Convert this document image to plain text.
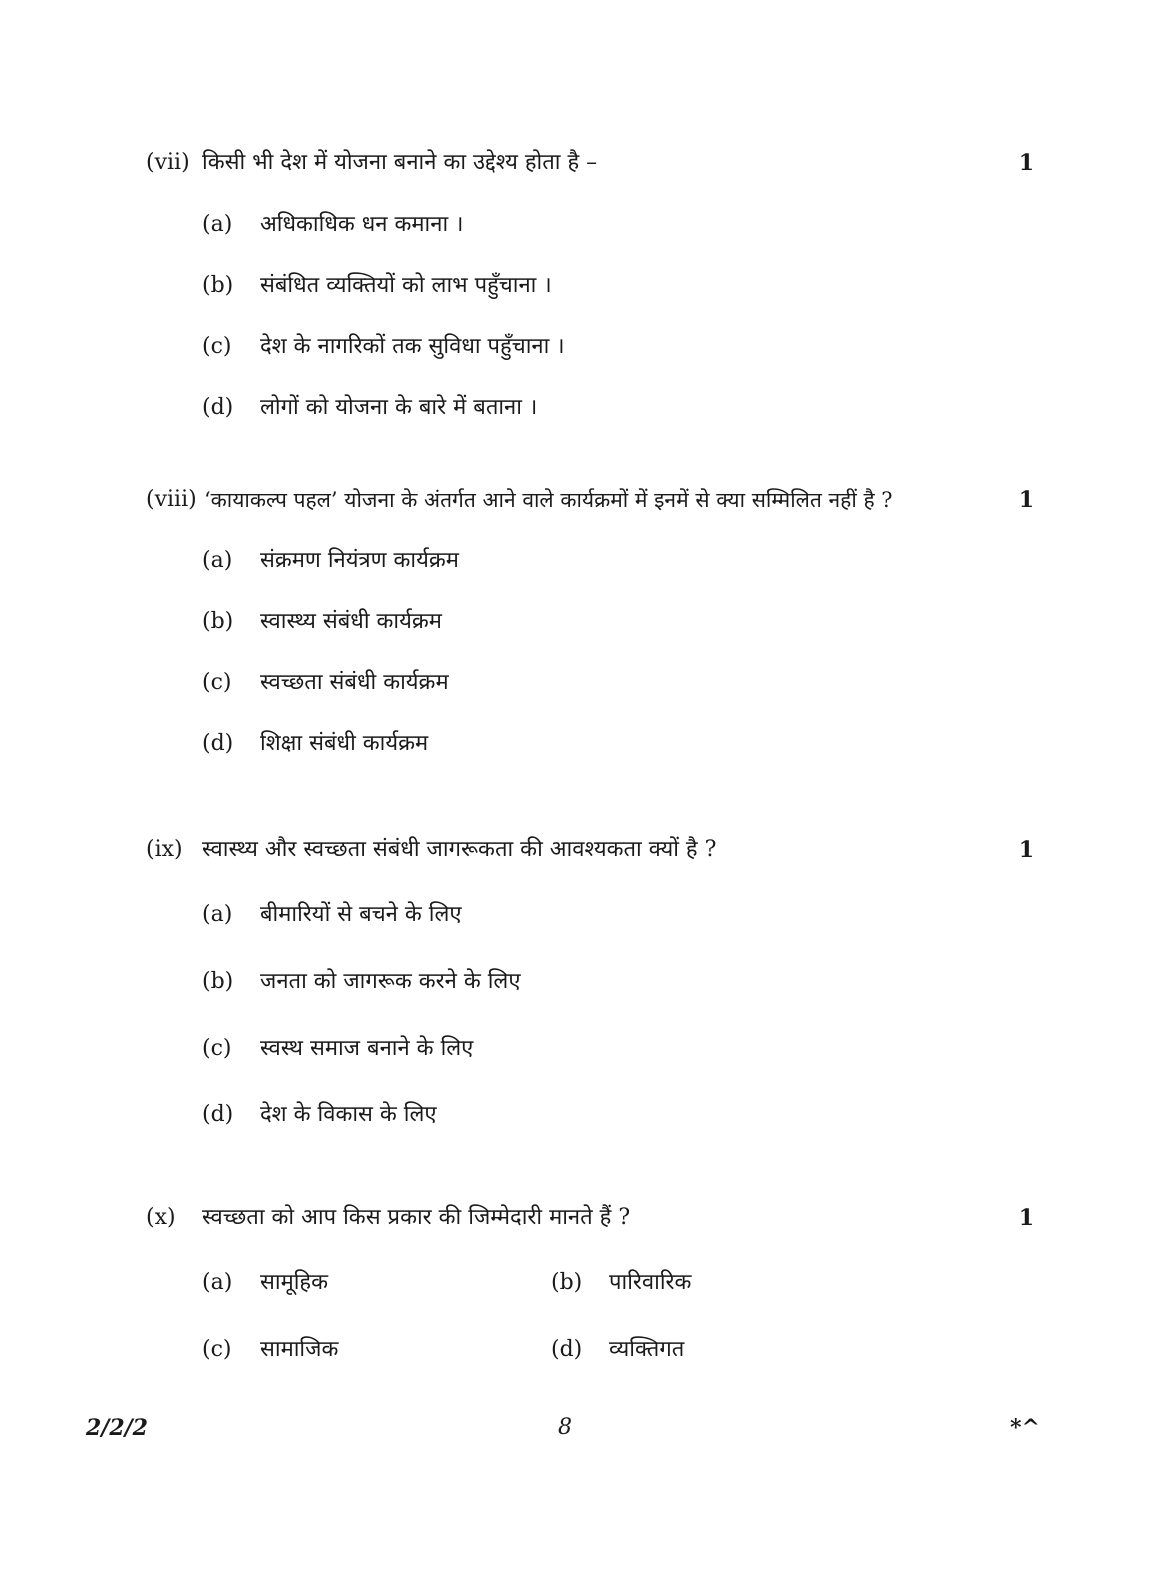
(vii) किसी भी देश में योजना बनाने का उद्देश्य होता है –	1
(a) अधिकाधिक धन कमाना ।
(b) संबंधित व्यक्तियों को लाभ पहुँचाना ।
(c) देश के नागरिकों तक सुविधा पहुँचाना ।
(d) लोगों को योजना के बारे में बताना ।
(viii) ‘कायाकल्प पहल’ योजना के अंतर्गत आने वाले कार्यक्रमों में इनमें से क्या सम्मिलित नहीं है ?	1
(a) संक्रमण नियंत्रण कार्यक्रम
(b) स्वास्थ्य संबंधी कार्यक्रम
(c) स्वच्छता संबंधी कार्यक्रम
(d) शिक्षा संबंधी कार्यक्रम
(ix) स्वास्थ्य और स्वच्छता संबंधी जागरूकता की आवश्यकता क्यों है ?	1
(a) बीमारियों से बचने के लिए
(b) जनता को जागरूक करने के लिए
(c) स्वस्थ समाज बनाने के लिए
(d) देश के विकास के लिए
(x) स्वच्छता को आप किस प्रकार की जिम्मेदारी मानते हैं ?	1
(a) सामूहिक	(b) पारिवारिक
(c) सामाजिक	(d) व्यक्तिगत
2/2/2	8	*^
